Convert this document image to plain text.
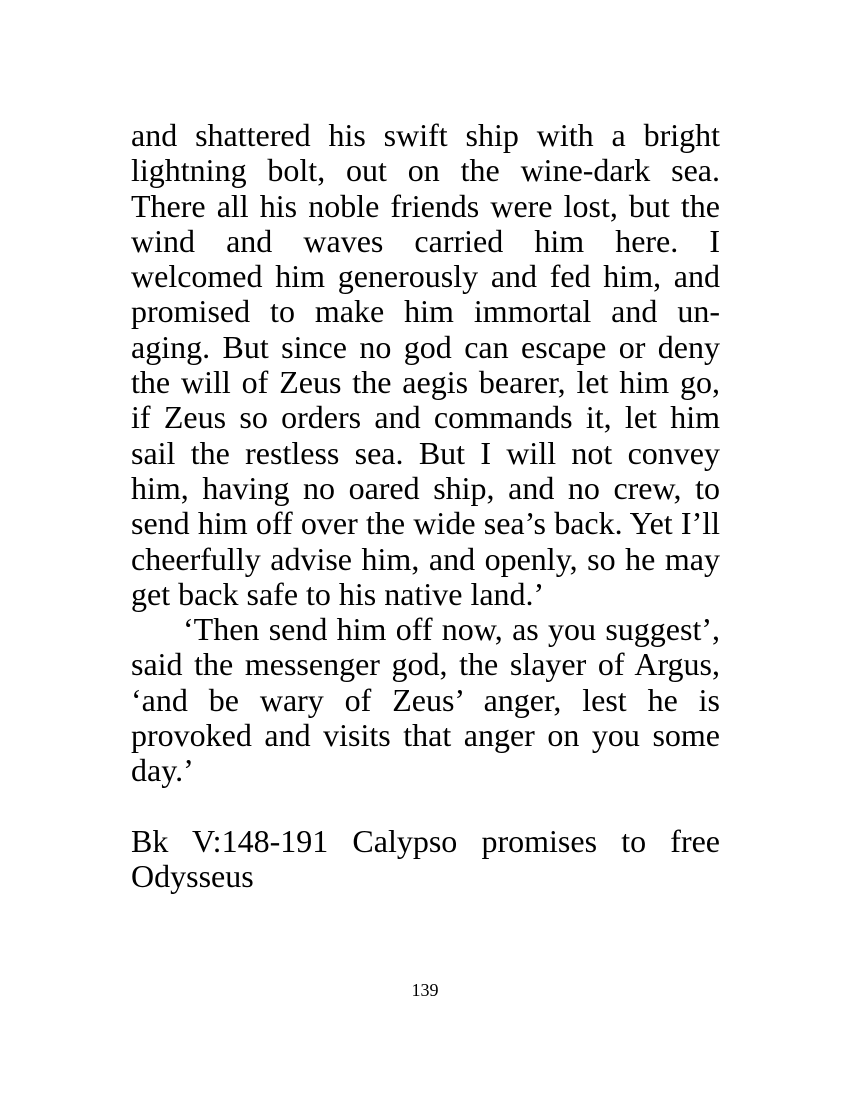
and shattered his swift ship with a bright lightning bolt, out on the wine-dark sea. There all his noble friends were lost, but the wind and waves carried him here. I welcomed him generously and fed him, and promised to make him immortal and un-aging. But since no god can escape or deny the will of Zeus the aegis bearer, let him go, if Zeus so orders and commands it, let him sail the restless sea. But I will not convey him, having no oared ship, and no crew, to send him off over the wide sea’s back. Yet I’ll cheerfully advise him, and openly, so he may get back safe to his native land.’

‘Then send him off now, as you suggest’, said the messenger god, the slayer of Argus, ‘and be wary of Zeus’ anger, lest he is provoked and visits that anger on you some day.’

Bk V:148-191 Calypso promises to free Odysseus

139
